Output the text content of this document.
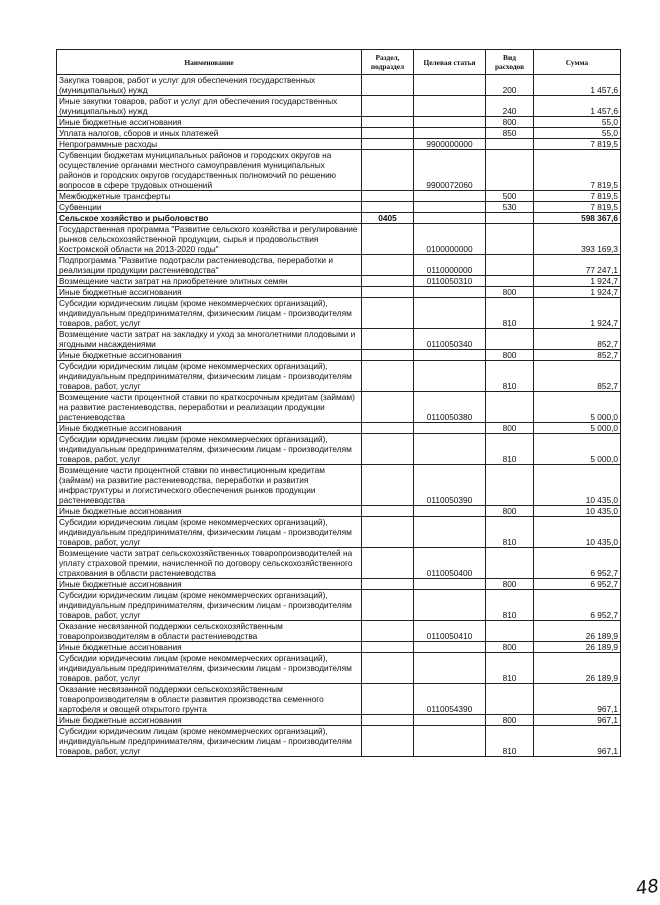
Наименование	Раздел, подраздел	Целевая статья	Вид расходов	Сумма
Закупка товаров, работ и услуг для обеспечения государственных (муниципальных) нужд			200	1 457,6
Иные закупки товаров, работ и услуг для обеспечения государственных (муниципальных) нужд			240	1 457,6
Иные бюджетные ассигнования			800	55,0
Уплата налогов, сборов и иных платежей			850	55,0
Непрограммные расходы		9900000000		7 819,5
Субвенции бюджетам муниципальных районов и городских округов на осуществление органами местного самоуправления муниципальных районов и городских округов государственных полномочий по решению вопросов в сфере трудовых отношений		9900072060		7 819,5
Межбюджетные трансферты			500	7 819,5
Субвенции			530	7 819,5
Сельское хозяйство и рыболовство	0405			598 367,6
Государственная программа "Развитие сельского хозяйства и регулирование рынков сельскохозяйственной продукции, сырья и продовольствия Костромской области на 2013-2020 годы"		0100000000		393 169,3
Подпрограмма "Развитие подотрасли растениеводства, переработки и реализации продукции растениеводства"		0110000000		77 247,1
Возмещение части затрат на приобретение элитных семян		0110050310		1 924,7
Иные бюджетные ассигнования			800	1 924,7
Субсидии юридическим лицам (кроме некоммерческих организаций), индивидуальным предпринимателям, физическим лицам - производителям товаров, работ, услуг			810	1 924,7
Возмещение части затрат на закладку и уход за многолетними плодовыми и ягодными насаждениями		0110050340		852,7
Иные бюджетные ассигнования			800	852,7
Субсидии юридическим лицам (кроме некоммерческих организаций), индивидуальным предпринимателям, физическим лицам - производителям товаров, работ, услуг			810	852,7
Возмещение части процентной ставки по краткосрочным кредитам (займам) на развитие растениеводства, переработки и реализации продукции растениеводства		0110050380		5 000,0
Иные бюджетные ассигнования			800	5 000,0
Субсидии юридическим лицам (кроме некоммерческих организаций), индивидуальным предпринимателям, физическим лицам - производителям товаров, работ, услуг			810	5 000,0
Возмещение части процентной ставки по инвестиционным кредитам (займам) на развитие растениеводства, переработки и развития инфраструктуры и логистического обеспечения рынков продукции растениеводства		0110050390		10 435,0
Иные бюджетные ассигнования			800	10 435,0
Субсидии юридическим лицам (кроме некоммерческих организаций), индивидуальным предпринимателям, физическим лицам - производителям товаров, работ, услуг			810	10 435,0
Возмещение части затрат сельскохозяйственных товаропроизводителей на уплату страховой премии, начисленной по договору сельскохозяйственного страхования в области растениеводства		0110050400		6 952,7
Иные бюджетные ассигнования			800	6 952,7
Субсидии юридическим лицам (кроме некоммерческих организаций), индивидуальным предпринимателям, физическим лицам - производителям товаров, работ, услуг			810	6 952,7
Оказание несвязанной поддержки сельскохозяйственным товаропроизводителям в области растениеводства		0110050410		26 189,9
Иные бюджетные ассигнования			800	26 189,9
Субсидии юридическим лицам (кроме некоммерческих организаций), индивидуальным предпринимателям, физическим лицам - производителям товаров, работ, услуг			810	26 189,9
Оказание несвязанной поддержки сельскохозяйственным товаропроизводителям в области развития производства семенного картофеля и овощей открытого грунта		0110054390		967,1
Иные бюджетные ассигнования			800	967,1
Субсидии юридическим лицам (кроме некоммерческих организаций), индивидуальным предпринимателям, физическим лицам - производителям товаров, работ, услуг			810	967,1
48
